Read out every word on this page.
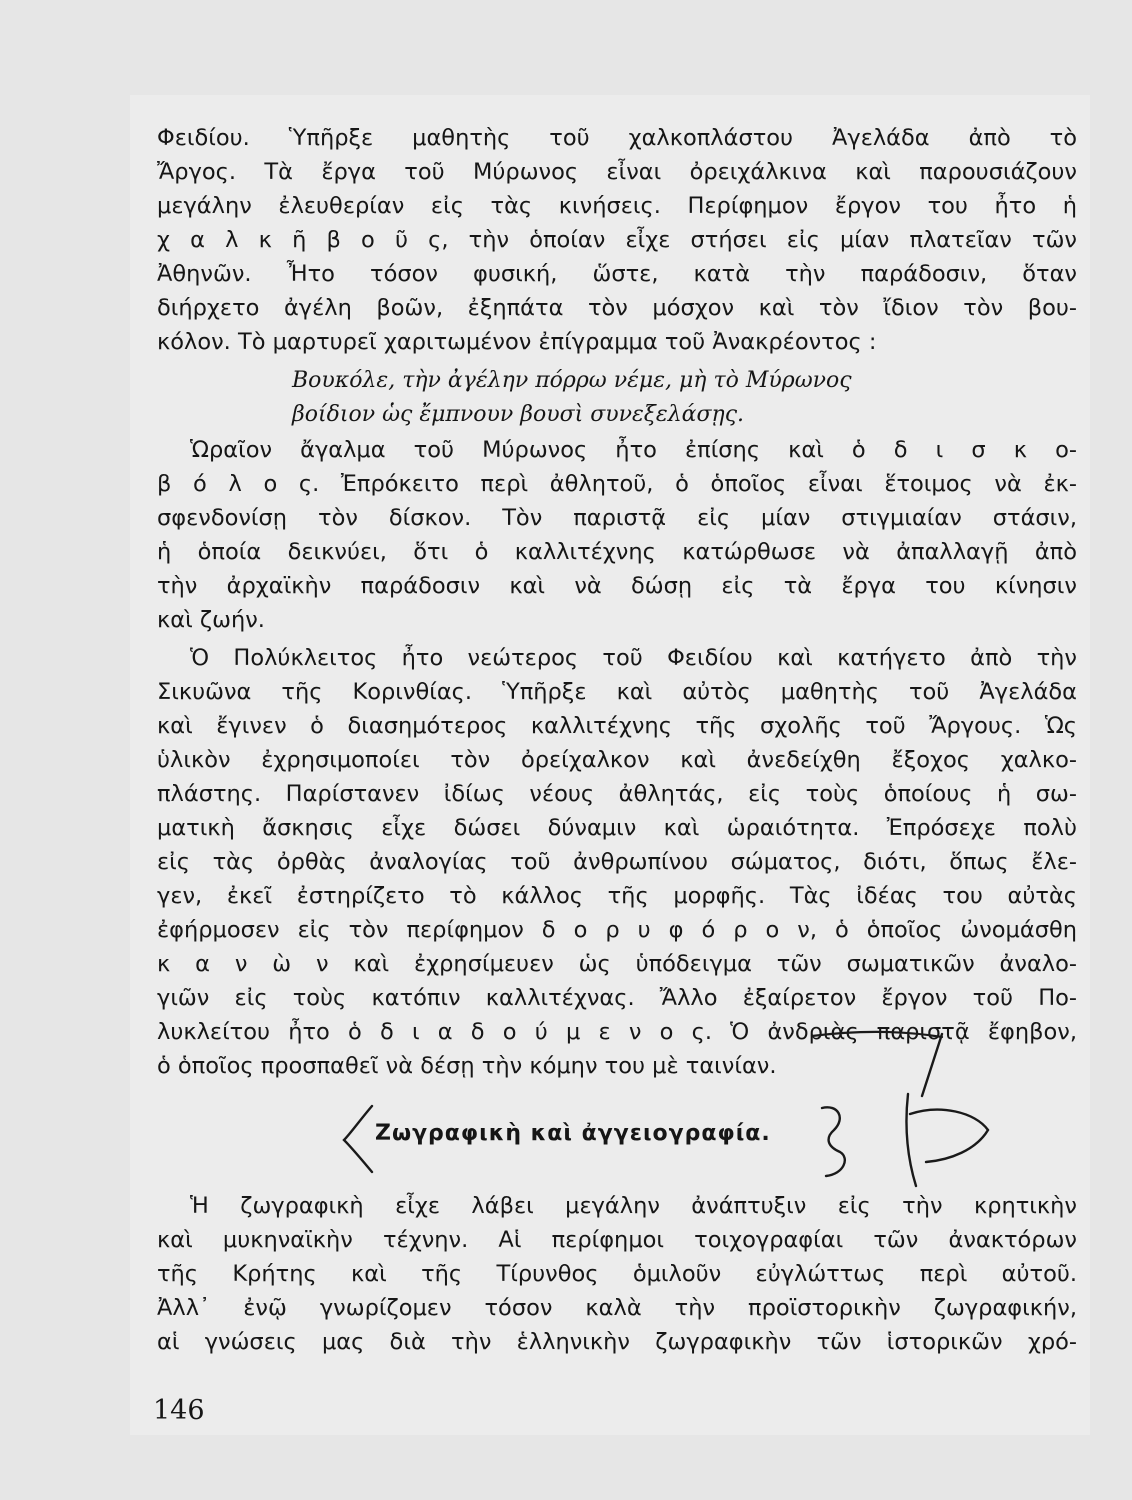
Φειδίου. Ὑπῆρξε μαθητὴς τοῦ χαλκοπλάστου Ἀγελάδα ἀπὸ τὸ
Ἄργος. Τὰ ἔργα τοῦ Μύρωνος εἶναι ὀρειχάλκινα καὶ παρουσιάζουν
μεγάλην ἐλευθερίαν εἰς τὰς κινήσεις. Περίφημον ἔργον του ἦτο ἡ
χ α λ κ ῆ β ο ῦ ς, τὴν ὁποίαν εἶχε στήσει εἰς μίαν πλατεῖαν τῶν
Ἀθηνῶν. Ἦτο τόσον φυσική, ὥστε, κατὰ τὴν παράδοσιν, ὅταν
διήρχετο ἀγέλη βοῶν, ἐξηπάτα τὸν μόσχον καὶ τὸν ἴδιον τὸν βου-
κόλον. Τὸ μαρτυρεῖ χαριτωμένον ἐπίγραμμα τοῦ Ἀνακρέοντος :
Βουκόλε, τὴν ἀγέλην πόρρω νέμε, μὴ τὸ Μύρωνος
βοίδιον ὡς ἔμπνουν βουσὶ συνεξελάσῃς.
Ὡραῖον ἄγαλμα τοῦ Μύρωνος ἦτο ἐπίσης καὶ ὁ δ ι σ κ ο-
β ό λ ο ς. Ἐπρόκειτο περὶ ἀθλητοῦ, ὁ ὁποῖος εἶναι ἕτοιμος νὰ ἐκ-
σφενδονίσῃ τὸν δίσκον. Τὸν παριστᾷ εἰς μίαν στιγμιαίαν στάσιν,
ἡ ὁποία δεικνύει, ὅτι ὁ καλλιτέχνης κατώρθωσε νὰ ἀπαλλαγῇ ἀπὸ
τὴν ἀρχαϊκὴν παράδοσιν καὶ νὰ δώσῃ εἰς τὰ ἔργα του κίνησιν
καὶ ζωήν.
Ὁ Πολύκλειτος ἦτο νεώτερος τοῦ Φειδίου καὶ κατήγετο ἀπὸ τὴν
Σικυῶνα τῆς Κορινθίας. Ὑπῆρξε καὶ αὐτὸς μαθητὴς τοῦ Ἀγελάδα
καὶ ἔγινεν ὁ διασημότερος καλλιτέχνης τῆς σχολῆς τοῦ Ἄργους. Ὡς
ὑλικὸν ἐχρησιμοποίει τὸν ὀρείχαλκον καὶ ἀνεδείχθη ἔξοχος χαλκο-
πλάστης. Παρίστανεν ἰδίως νέους ἀθλητάς, εἰς τοὺς ὁποίους ἡ σω-
ματικὴ ἄσκησις εἶχε δώσει δύναμιν καὶ ὡραιότητα. Ἐπρόσεχε πολὺ
εἰς τὰς ὀρθὰς ἀναλογίας τοῦ ἀνθρωπίνου σώματος, διότι, ὅπως ἔλε-
γεν, ἐκεῖ ἐστηρίζετο τὸ κάλλος τῆς μορφῆς. Τὰς ἰδέας του αὐτὰς
ἐφήρμοσεν εἰς τὸν περίφημον δ ο ρ υ φ ό ρ ο ν, ὁ ὁποῖος ὠνομάσθη
κ α ν ὼ ν καὶ ἐχρησίμευεν ὡς ὑπόδειγμα τῶν σωματικῶν ἀναλο-
γιῶν εἰς τοὺς κατόπιν καλλιτέχνας. Ἄλλο ἐξαίρετον ἔργον τοῦ Πο-
λυκλείτου ἦτο ὁ δ ι α δ ο ύ μ ε ν ο ς. Ὁ ἀνδριὰς παριστᾷ ἔφηβον,
ὁ ὁποῖος προσπαθεῖ νὰ δέσῃ τὴν κόμην του μὲ ταινίαν.
Ζωγραφικὴ καὶ ἀγγειογραφία.
Ἡ ζωγραφικὴ εἶχε λάβει μεγάλην ἀνάπτυξιν εἰς τὴν κρητικὴν
καὶ μυκηναϊκὴν τέχνην. Αἱ περίφημοι τοιχογραφίαι τῶν ἀνακτόρων
τῆς Κρήτης καὶ τῆς Τίρυνθος ὁμιλοῦν εὐγλώττως περὶ αὐτοῦ.
Ἀλλ᾽ ἐνῷ γνωρίζομεν τόσον καλὰ τὴν προϊστορικὴν ζωγραφικήν,
αἱ γνώσεις μας διὰ τὴν ἑλληνικὴν ζωγραφικὴν τῶν ἱστορικῶν χρό-
146
